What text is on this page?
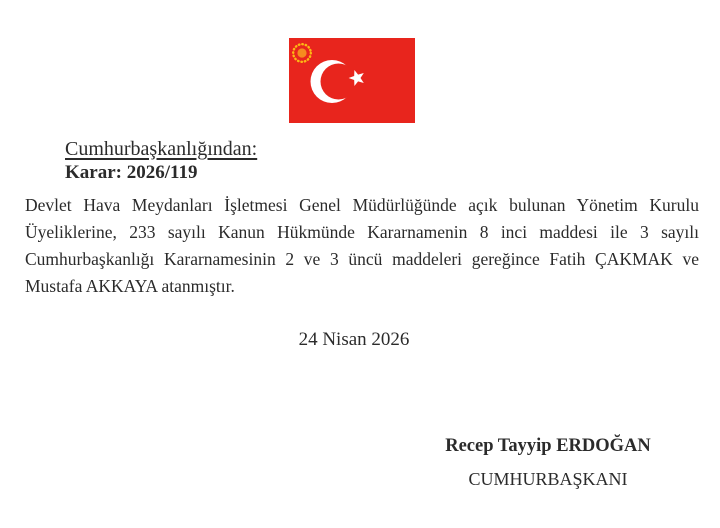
Cumhurbaşkanlığından:
Karar: 2026/119
Devlet Hava Meydanları İşletmesi Genel Müdürlüğünde açık bulunan Yönetim Kurulu
Üyeliklerine, 233 sayılı Kanun Hükmünde Kararnamenin 8 inci maddesi ile 3 sayılı
Cumhurbaşkanlığı Kararnamesinin 2 ve 3 üncü maddeleri gereğince Fatih ÇAKMAK ve
Mustafa AKKAYA atanmıştır.
24 Nisan 2026
Recep Tayyip ERDOĞAN
CUMHURBAŞKANI
